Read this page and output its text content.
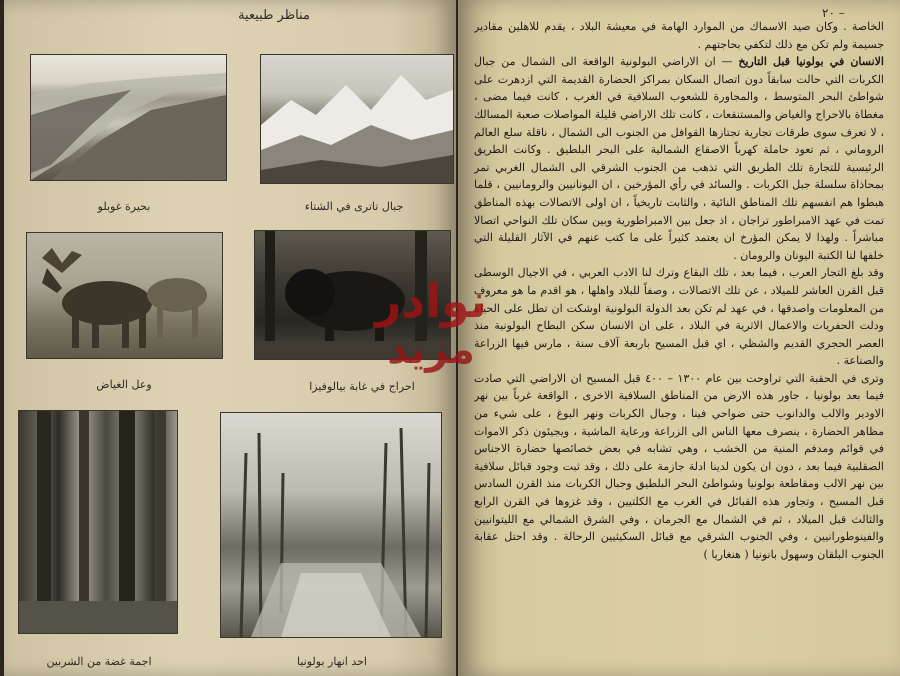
مناظر طبيعية
بحيرة غوبلو	جبال تاترى في الشتاء
وعل الغياض	احراج في غابة بيالوفيزا
اجمة غضة من الشربين	احد انهار بولونيا
٢٠ –

الخاصة . وكان صيد الاسماك من الموارد الهامة في معيشة البلاد ، يقدم للاهلين مقادير جسيمة ولم تكن مع ذلك لتكفي بحاجتهم .

الانسان في بولونيا قبل التاريخ — ان الاراضي البولونية الواقعة الى الشمال من جبال الكربات التي حالت سابقاً دون اتصال السكان بمراكز الحضارة القديمة التي ازدهرت على شواطئ البحر المتوسط ، والمجاورة للشعوب السلافية في الغرب ، كانت فيما مضى ، مغطاة بالاحراج والغياض والمستنقعات ، كانت تلك الاراضي قليلة المواصلات صعبة المسالك ، لا تعرف سوى طرقات تجارية تجتازها القوافل من الجنوب الى الشمال ، ناقلة سلع العالم الروماني ، ثم تعود حاملة كهرباً الاصقاع الشمالية على البحر البلطيق . وكانت الطريق الرئيسية للتجارة تلك الطريق التي تذهب من الجنوب الشرقي الى الشمال الغربي تمر بمحاذاة سلسلة جبل الكربات . والسائد في رأي المؤرخين ، ان اليونانيين والرومانيين ، قلما هبطوا هم انفسهم تلك المناطق النائية ، والثابت تاريخياً ، ان اولى الاتصالات بهذه المناطق تمت في عهد الامبراطور تراجان ، اذ جعل بين الامبراطورية وبين سكان تلك النواحي اتصالا مباشراً . ولهذا لا يمكن المؤرخ ان يعتمد كثيراً على ما كتب عنهم في الآثار القليلة التي خلفها لنا الكتبة اليونان والرومان .

وقد بلغ التجار العرب ، فيما بعد ، تلك البقاع وترك لنا الادب العربي ، في الاجيال الوسطى قبل القرن العاشر للميلاد ، عن تلك الاتصالات ، وصفاً للبلاد واهلها ، هو اقدم ما هو معروف من المعلومات واصدقها ، في عهد لم تكن بعد الدولة البولونية اوشكت ان تطل على الحياة ودلت الحفريات والاعمال الاثرية في البلاد ، على ان الانسان سكن البطاح البولونية منذ العصر الحجري القديم والشظي ، اي قبل المسيح باربعة آلاف سنة ، مارس فيها الزراعة والصناعة .

وترى في الحقبة التي تراوحت بين عام ١٣٠٠ – ٤٠٠ قبل المسيح ان الاراضي التي صادت فيما بعد بولونيا ، جاور هذه الارض من المناطق السلافية الاخرى ، الواقعة غرباً بين نهر الاودير والالب والدانوب حتى ضواحي فينا ، وجبال الكربات ونهر البوغ ، على شيء من مظاهر الحضارة ، ينصرف معها الناس الى الزراعة ورعاية الماشية ، ويجيئون ذكر الاموات في قوائم ومدفم المنية من الخشب ، وهي تشابه في بعض خصائصها حضارة الاجناس الصقلبية فيما بعد ، دون ان يكون لدينا ادلة جازمة على ذلك ، وقد ثبت وجود قبائل سلافية بين نهر الالب ومقاطعة بولونيا وشواطئ البحر البلطيق وجبال الكربات منذ القرن السادس قبل المسيح ، وتجاور هذه القبائل في الغرب مع الكلتيين ، وقد غزوها في القرن الرابع والثالث قبل الميلاد ، ثم في الشمال مع الجرمان ، وفي الشرق الشمالي مع الليتوانيين والفينوطورانيين ، وفي الجنوب الشرقي مع قبائل السكيثيين الرحالة . وقد احتل عقابة الجنوب البلقان وسهول بانونيا ( هنغاريا )

نوادر
مزيد
